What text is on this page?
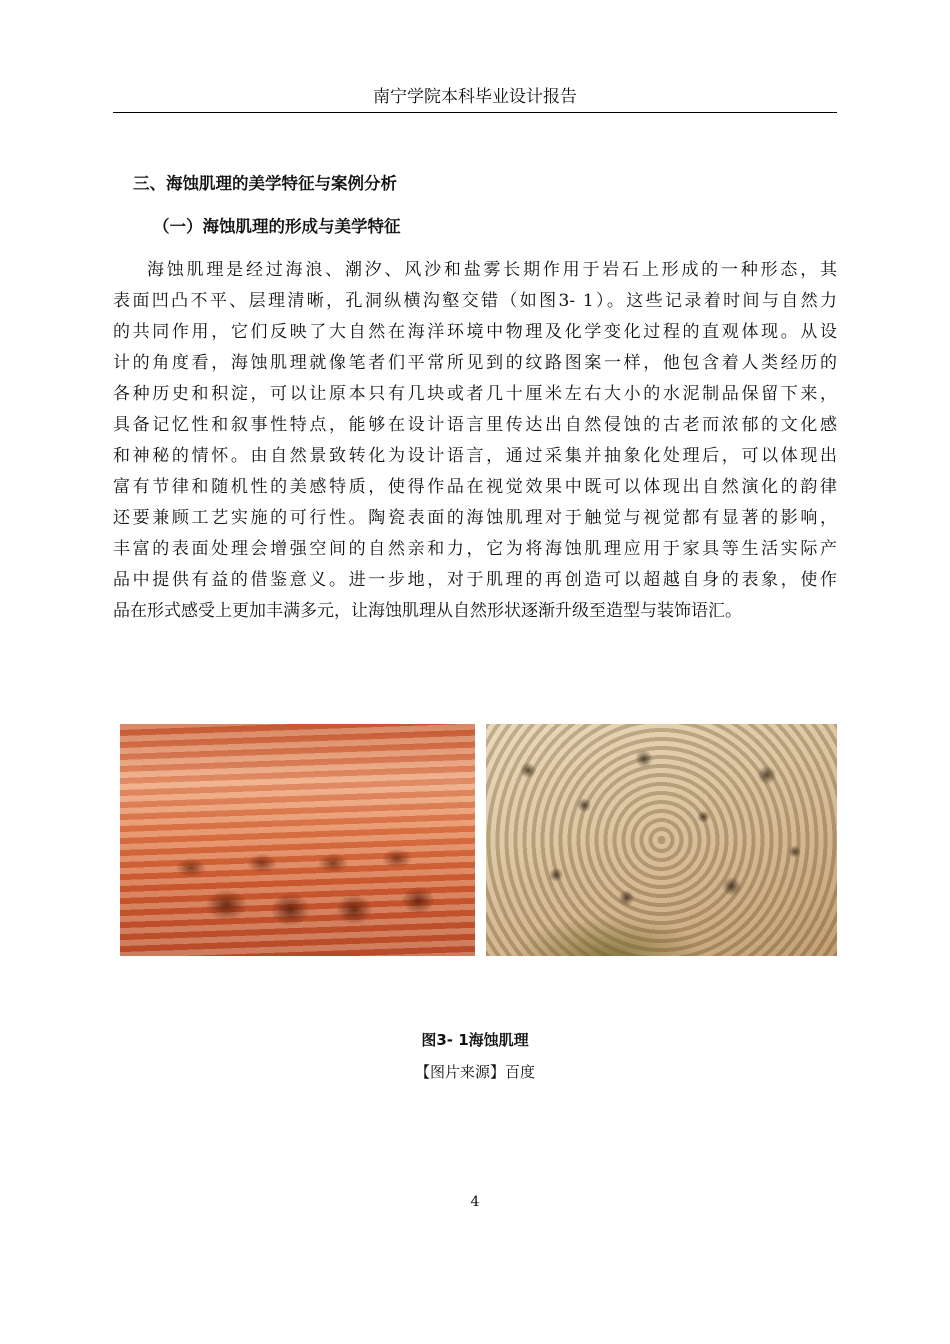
南宁学院本科毕业设计报告
三、海蚀肌理的美学特征与案例分析
（一）海蚀肌理的形成与美学特征
海蚀肌理是经过海浪、潮汐、风沙和盐雾长期作用于岩石上形成的一种形态，其
表面凹凸不平、层理清晰，孔洞纵横沟壑交错（如图3- 1）。这些记录着时间与自然力
的共同作用，它们反映了大自然在海洋环境中物理及化学变化过程的直观体现。从设
计的角度看，海蚀肌理就像笔者们平常所见到的纹路图案一样，他包含着人类经历的
各种历史和积淀，可以让原本只有几块或者几十厘米左右大小的水泥制品保留下来，
具备记忆性和叙事性特点，能够在设计语言里传达出自然侵蚀的古老而浓郁的文化感
和神秘的情怀。由自然景致转化为设计语言，通过采集并抽象化处理后，可以体现出
富有节律和随机性的美感特质，使得作品在视觉效果中既可以体现出自然演化的韵律
还要兼顾工艺实施的可行性。陶瓷表面的海蚀肌理对于触觉与视觉都有显著的影响，
丰富的表面处理会增强空间的自然亲和力，它为将海蚀肌理应用于家具等生活实际产
品中提供有益的借鉴意义。进一步地，对于肌理的再创造可以超越自身的表象，使作
品在形式感受上更加丰满多元，让海蚀肌理从自然形状逐渐升级至造型与装饰语汇。
图3- 1海蚀肌理
【图片来源】百度
4
